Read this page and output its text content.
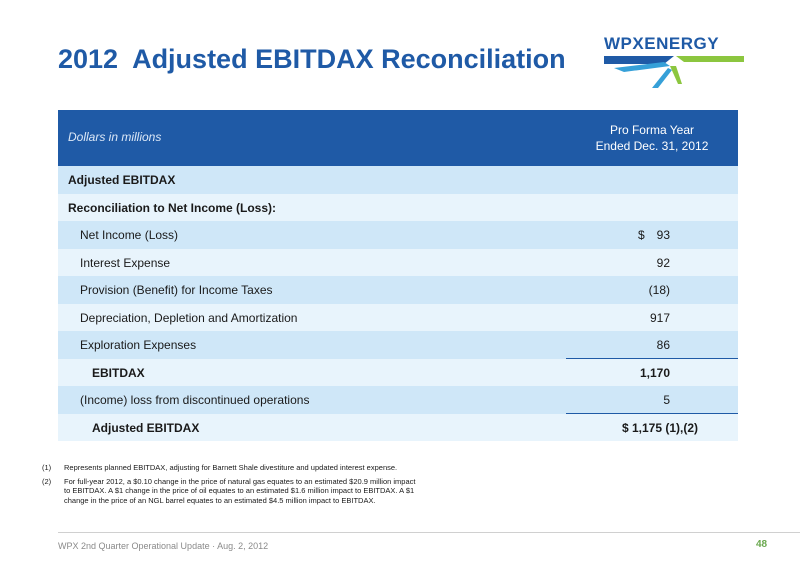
2012  Adjusted EBITDAX Reconciliation
WPXENERGY
Dollars in millions	Pro Forma Year
Ended Dec. 31, 2012
Adjusted EBITDAX
Reconciliation to Net Income (Loss):
Net Income (Loss)	$ 93
Interest Expense	92
Provision (Benefit) for Income Taxes	(18)
Depreciation, Depletion and Amortization	917
Exploration Expenses	86
EBITDAX	1,170
(Income) loss from discontinued operations	5
Adjusted EBITDAX	$ 1,175 (1),(2)
(1) Represents planned EBITDAX, adjusting for Barnett Shale divestiture and updated interest expense.
(2) For full-year 2012, a $0.10 change in the price of natural gas equates to an estimated $20.9 million impact to EBITDAX. A $1 change in the price of oil equates to an estimated $1.6 million impact to EBITDAX. A $1 change in the price of an NGL barrel equates to an estimated $4.5 million impact to EBITDAX.
WPX 2nd Quarter Operational Update · Aug. 2, 2012	48
